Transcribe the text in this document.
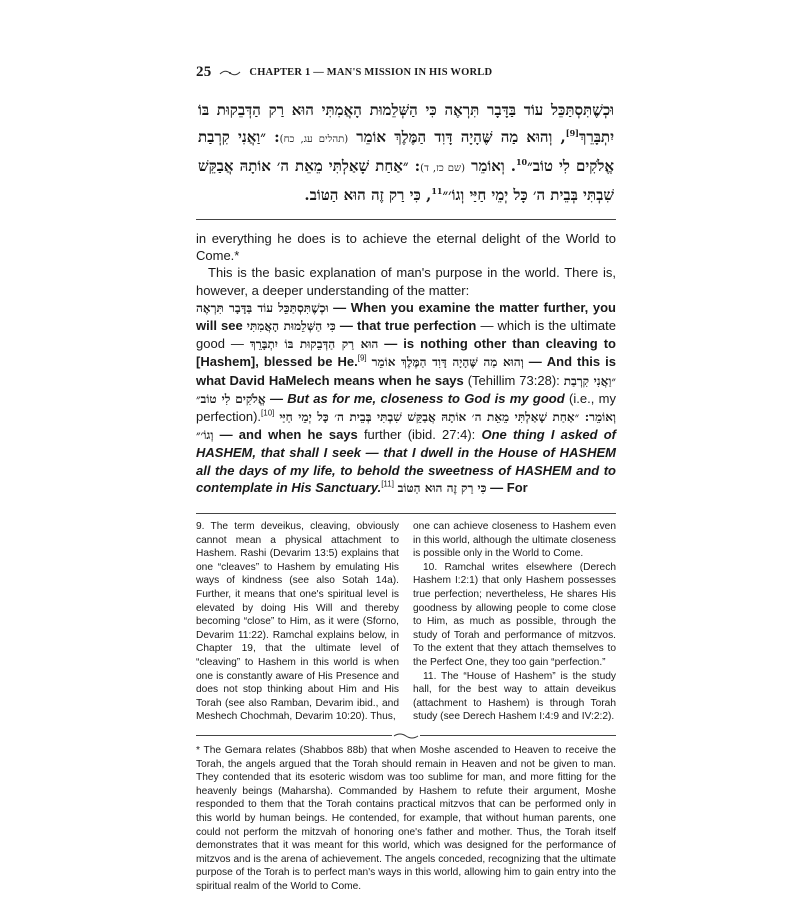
25	CHAPTER 1 — MAN'S MISSION IN HIS WORLD
וּכְשֶׁתִּסְתַּכֵּל עוֹד בַּדָּבָר תִּרְאֶה כִּי הַשְּׁלֵמוּת הָאֲמִתִּי הוּא רַק הַדְּבֵקוּת בּוֹ יִתְבָּרֵךְ[9], וְהוּא מַה שֶּׁהָיָה דָּוִד הַמֶּלֶךְ אוֹמֵר (תהלים עג, כח): ״וַאֲנִי קִרְבַת אֱלֹקִים לִי טוֹב״$^{10}$. וְאוֹמֵר (שם כז, ד): ״אַחַת שָׁאַלְתִּי מֵאֵת ה׳ אוֹתָהּ אֲבַקֵּשׁ שִׁבְתִּי בְּבֵית ה׳ כָּל יְמֵי חַיַּי וְגוֹ׳״$^{11}$, כִּי רַק זֶה הוּא הַטּוֹב.

in everything he does is to achieve the eternal delight of the World to Come.*

This is the basic explanation of man's purpose in the world. There is, however, a deeper understanding of the matter:

וּכְשֶׁתִּסְתַּכֵּל עוֹד בַּדָּבָר תִּרְאֶה — When you examine the matter further, you will see כִּי הַשְּׁלֵמוּת הָאֲמִתִּי — that true perfection — which is the ultimate good — הוּא רַק הַדְּבֵקוּת בּוֹ יִתְבָּרֵךְ — is nothing other than cleaving to [Hashem], blessed be He.[9] וְהוּא מַה שֶּׁהָיָה דָּוִד הַמֶּלֶךְ אוֹמֵר — And this is what David HaMelech means when he says (Tehillim 73:28): ״וַאֲנִי קִרְבַת אֱלֹקִים לִי טוֹב״ — But as for me, closeness to God is my good (i.e., my perfection).[10] וְאוֹמֵר: ״אַחַת שָׁאַלְתִּי מֵאֵת ה׳ אוֹתָהּ אֲבַקֵּשׁ שִׁבְתִּי בְּבֵית ה׳ כָּל יְמֵי חַיַּי וְגוֹ׳״ — and when he says further (ibid. 27:4): One thing I asked of HASHEM, that shall I seek — that I dwell in the House of HASHEM all the days of my life, to behold the sweetness of HASHEM and to contemplate in His Sanctuary.[11] כִּי רַק זֶה הוּא הַטּוֹב — For

9. The term deveikus, cleaving, obviously cannot mean a physical attachment to Hashem. Rashi (Devarim 13:5) explains that one “cleaves” to Hashem by emulating His ways of kindness (see also Sotah 14a). Further, it means that one's spiritual level is elevated by doing His Will and thereby becoming “close” to Him, as it were (Sforno, Devarim 11:22). Ramchal explains below, in Chapter 19, that the ultimate level of “cleaving” to Hashem in this world is when one is constantly aware of His Presence and does not stop thinking about Him and His Torah (see also Ramban, Devarim ibid., and Meshech Chochmah, Devarim 10:20). Thus,

one can achieve closeness to Hashem even in this world, although the ultimate closeness is possible only in the World to Come.

10. Ramchal writes elsewhere (Derech Hashem I:2:1) that only Hashem possesses true perfection; nevertheless, He shares His goodness by allowing people to come close to Him, as much as possible, through the study of Torah and performance of mitzvos. To the extent that they attach themselves to the Perfect One, they too gain “perfection.”

11. The “House of Hashem” is the study hall, for the best way to attain deveikus (attachment to Hashem) is through Torah study (see Derech Hashem I:4:9 and IV:2:2).

* The Gemara relates (Shabbos 88b) that when Moshe ascended to Heaven to receive the Torah, the angels argued that the Torah should remain in Heaven and not be given to man. They contended that its esoteric wisdom was too sublime for man, and more fitting for the heavenly beings (Maharsha). Commanded by Hashem to refute their argument, Moshe responded to them that the Torah contains practical mitzvos that can be performed only in this world by human beings. He contended, for example, that without human parents, one could not perform the mitzvah of honoring one's father and mother. Thus, the Torah itself demonstrates that it was meant for this world, which was designed for the performance of mitzvos and is the arena of achievement. The angels conceded, recognizing that the ultimate purpose of the Torah is to perfect man's ways in this world, allowing him to gain entry into the spiritual realm of the World to Come.
